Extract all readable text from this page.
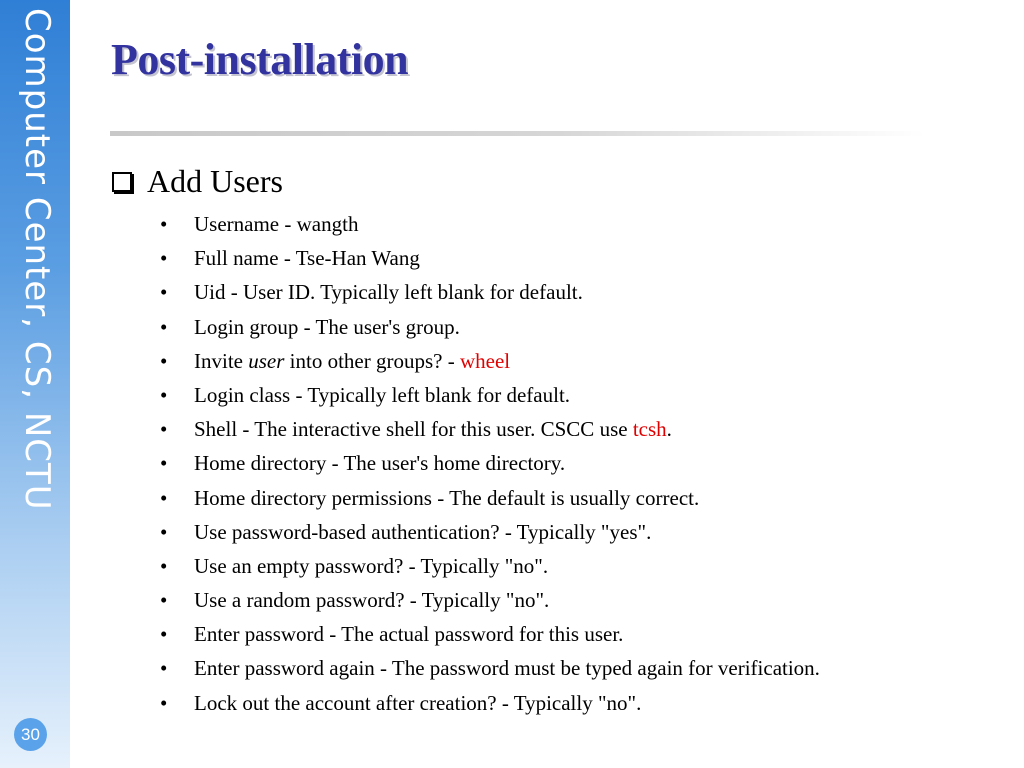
Computer Center, CS, NCTU
30
Post-installation
Add Users
• Username - wangth
• Full name - Tse-Han Wang
• Uid - User ID. Typically left blank for default.
• Login group - The user's group.
• Invite user into other groups? - wheel
• Login class - Typically left blank for default.
• Shell - The interactive shell for this user. CSCC use tcsh.
• Home directory - The user's home directory.
• Home directory permissions - The default is usually correct.
• Use password-based authentication? - Typically "yes".
• Use an empty password? - Typically "no".
• Use a random password? - Typically "no".
• Enter password - The actual password for this user.
• Enter password again - The password must be typed again for verification.
• Lock out the account after creation? - Typically "no".
